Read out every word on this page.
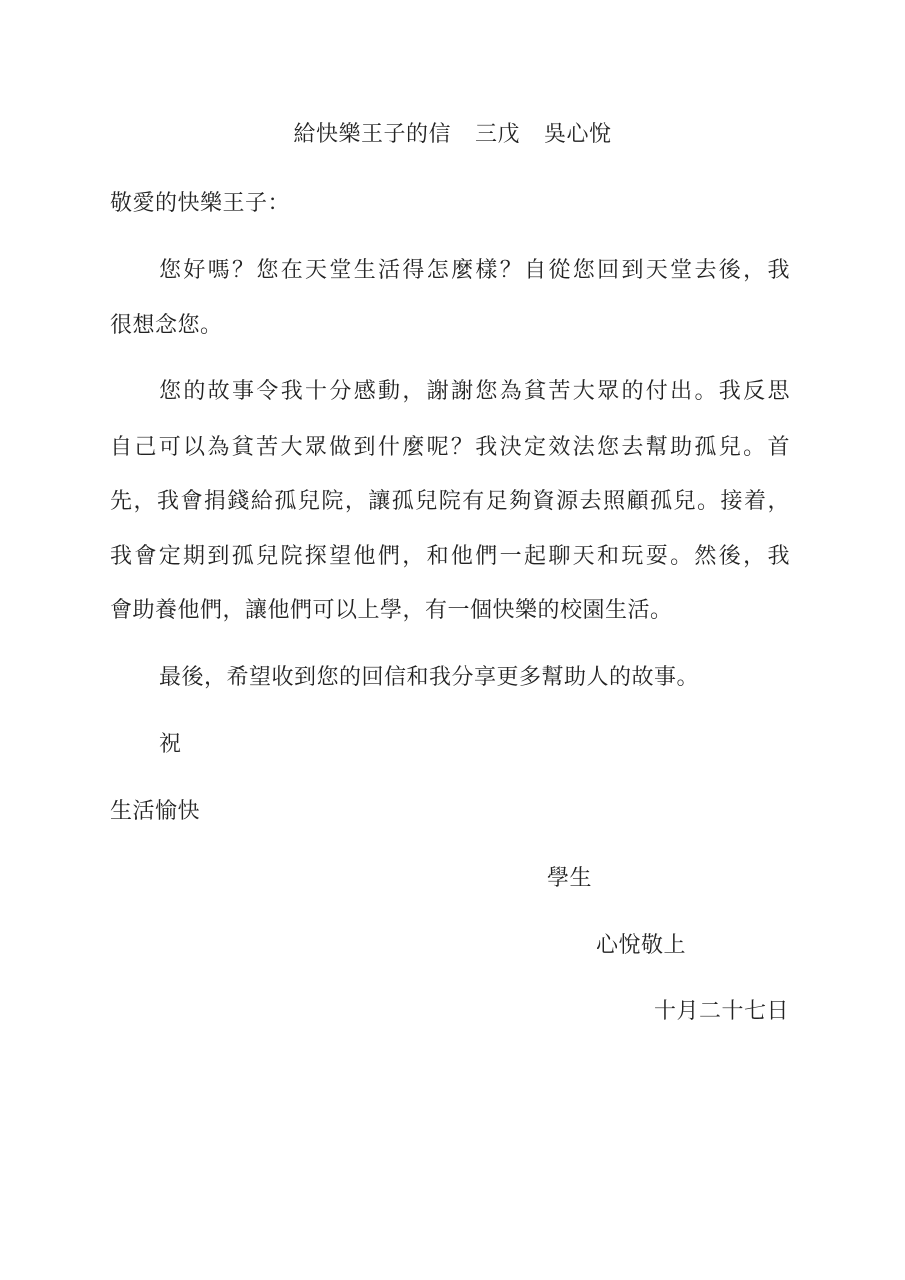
給快樂王子的信 三戊 吳心悅
敬愛的快樂王子：
您好嗎？您在天堂生活得怎麼樣？自從您回到天堂去後，我
很想念您。
您的故事令我十分感動，謝謝您為貧苦大眾的付出。我反思
自己可以為貧苦大眾做到什麼呢？我決定效法您去幫助孤兒。首
先，我會捐錢給孤兒院，讓孤兒院有足夠資源去照顧孤兒。接着，
我會定期到孤兒院探望他們，和他們一起聊天和玩耍。然後，我
會助養他們，讓他們可以上學，有一個快樂的校園生活。
最後，希望收到您的回信和我分享更多幫助人的故事。
祝
生活愉快
學生
心悅敬上
十月二十七日
